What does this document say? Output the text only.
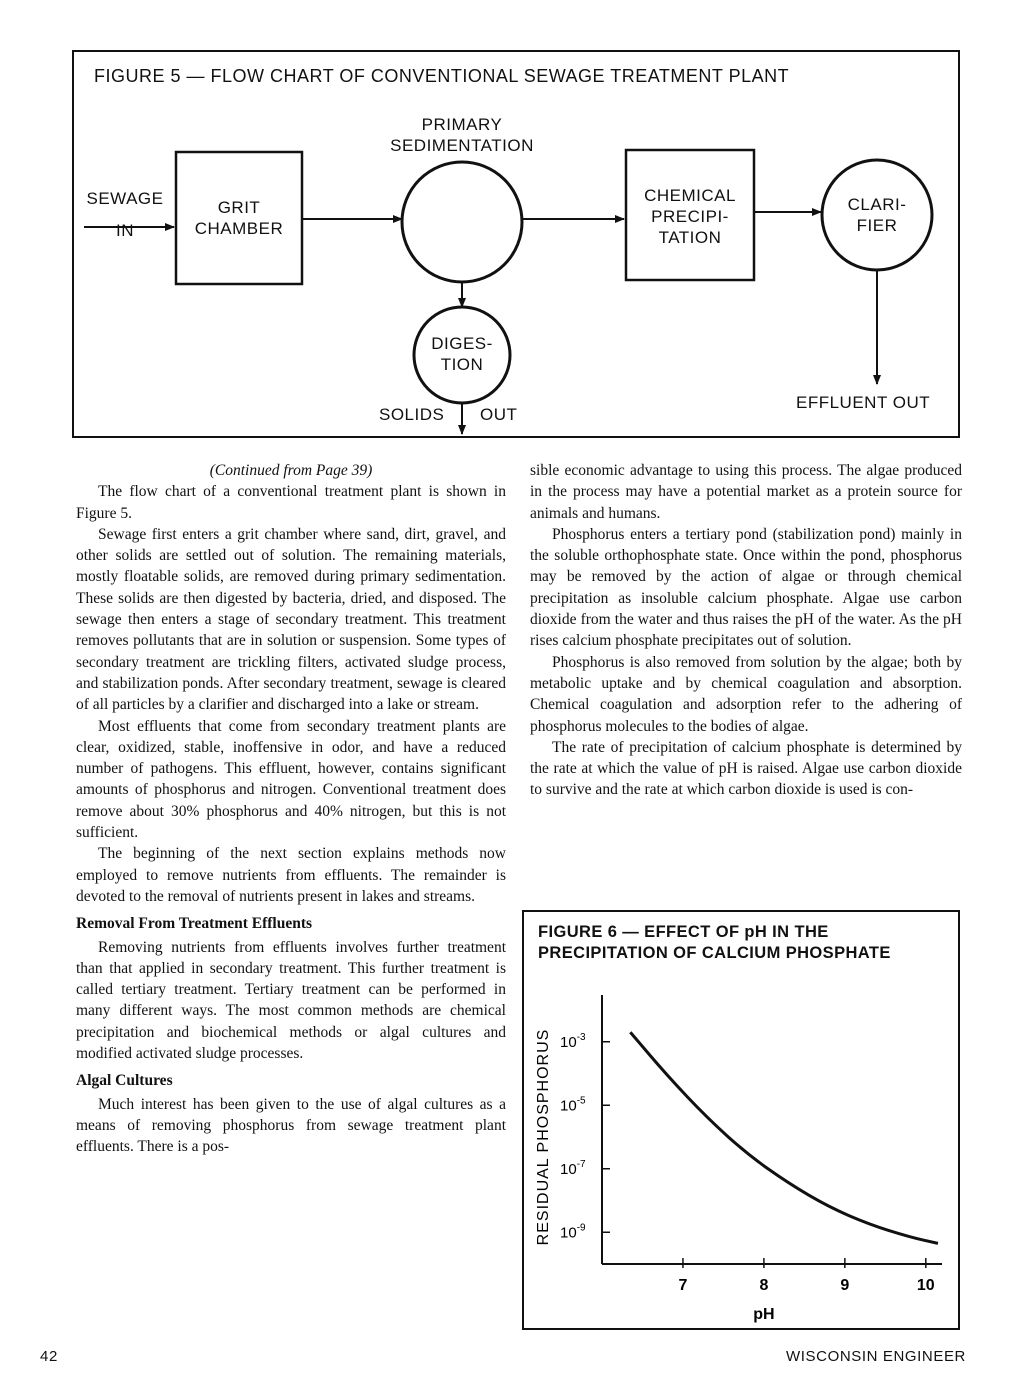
FIGURE 5 — FLOW CHART OF CONVENTIONAL SEWAGE TREATMENT PLANT
SEWAGE
IN
GRIT
CHAMBER
PRIMARY
SEDIMENTATION
CHEMICAL
PRECIPI-
TATION
CLARI-
FIER
DIGES-
TION
SOLIDS OUT
EFFLUENT OUT

(Continued from Page 39)

The flow chart of a conventional treatment plant is shown in Figure 5.

Sewage first enters a grit chamber where sand, dirt, gravel, and other solids are settled out of solution. The remaining materials, mostly floatable solids, are removed during primary sedimentation. These solids are then digested by bacteria, dried, and disposed. The sewage then enters a stage of secondary treatment. This treatment removes pollutants that are in solution or suspension. Some types of secondary treatment are trickling filters, activated sludge process, and stabilization ponds. After secondary treatment, sewage is cleared of all particles by a clarifier and discharged into a lake or stream.

Most effluents that come from secondary treatment plants are clear, oxidized, stable, inoffensive in odor, and have a reduced number of pathogens. This effluent, however, contains significant amounts of phosphorus and nitrogen. Conventional treatment does remove about 30% phosphorus and 40% nitrogen, but this is not sufficient.

The beginning of the next section explains methods now employed to remove nutrients from effluents. The remainder is devoted to the removal of nutrients present in lakes and streams.

Removal From Treatment Effluents

Removing nutrients from effluents involves further treatment than that applied in secondary treatment. This further treatment is called tertiary treatment. Tertiary treatment can be performed in many different ways. The most common methods are chemical precipitation and biochemical methods or algal cultures and modified activated sludge processes.

Algal Cultures

Much interest has been given to the use of algal cultures as a means of removing phosphorus from sewage treatment plant effluents. There is a pos-

sible economic advantage to using this process. The algae produced in the process may have a potential market as a protein source for animals and humans.

Phosphorus enters a tertiary pond (stabilization pond) mainly in the soluble orthophosphate state. Once within the pond, phosphorus may be removed by the action of algae or through chemical precipitation as insoluble calcium phosphate. Algae use carbon dioxide from the water and thus raises the pH of the water. As the pH rises calcium phosphate precipitates out of solution.

Phosphorus is also removed from solution by the algae; both by metabolic uptake and by chemical coagulation and absorption. Chemical coagulation and adsorption refer to the adhering of phosphorus molecules to the bodies of algae.

The rate of precipitation of calcium phosphate is determined by the rate at which the value of pH is raised. Algae use carbon dioxide to survive and the rate at which carbon dioxide is used is con-

FIGURE 6 — EFFECT OF pH IN THE
PRECIPITATION OF CALCIUM PHOSPHATE
RESIDUAL PHOSPHORUS $10^{-3}$
$10^{-5}$
$10^{-7}$
$10^{-9}$
7	8	9	10
pH
42	WISCONSIN ENGINEER
